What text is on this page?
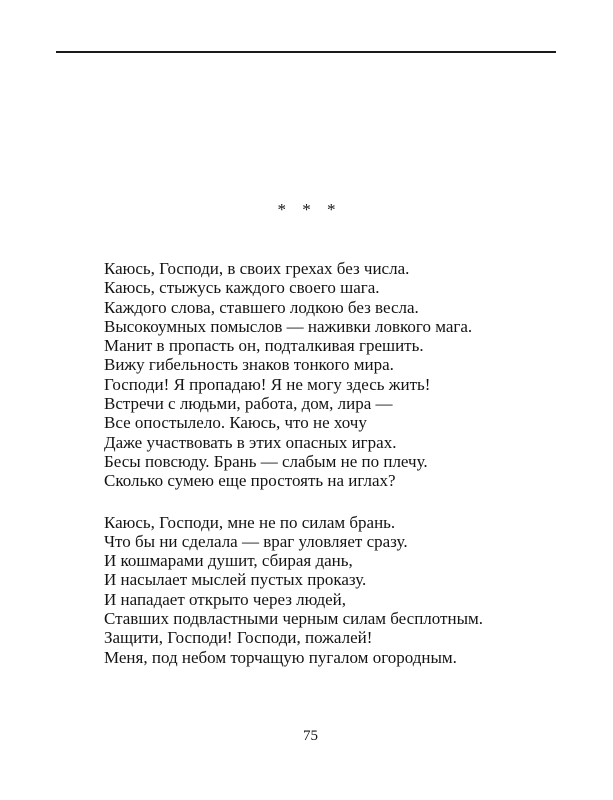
* * *
Каюсь, Господи, в своих грехах без числа.
Каюсь, стыжусь каждого своего шага.
Каждого слова, ставшего лодкою без весла.
Высокоумных помыслов — наживки ловкого мага.
Манит в пропасть он, подталкивая грешить.
Вижу гибельность знаков тонкого мира.
Господи! Я пропадаю! Я не могу здесь жить!
Встречи с людьми, работа, дом, лира —
Все опостылело. Каюсь, что не хочу
Даже участвовать в этих опасных играх.
Бесы повсюду. Брань — слабым не по плечу.
Сколько сумею еще простоять на иглах?
Каюсь, Господи, мне не по силам брань.
Что бы ни сделала — враг уловляет сразу.
И кошмарами душит, сбирая дань,
И насылает мыслей пустых проказу.
И нападает открыто через людей,
Ставших подвластными черным силам бесплотным.
Защити, Господи! Господи, пожалей!
Меня, под небом торчащую пугалом огородным.
75
